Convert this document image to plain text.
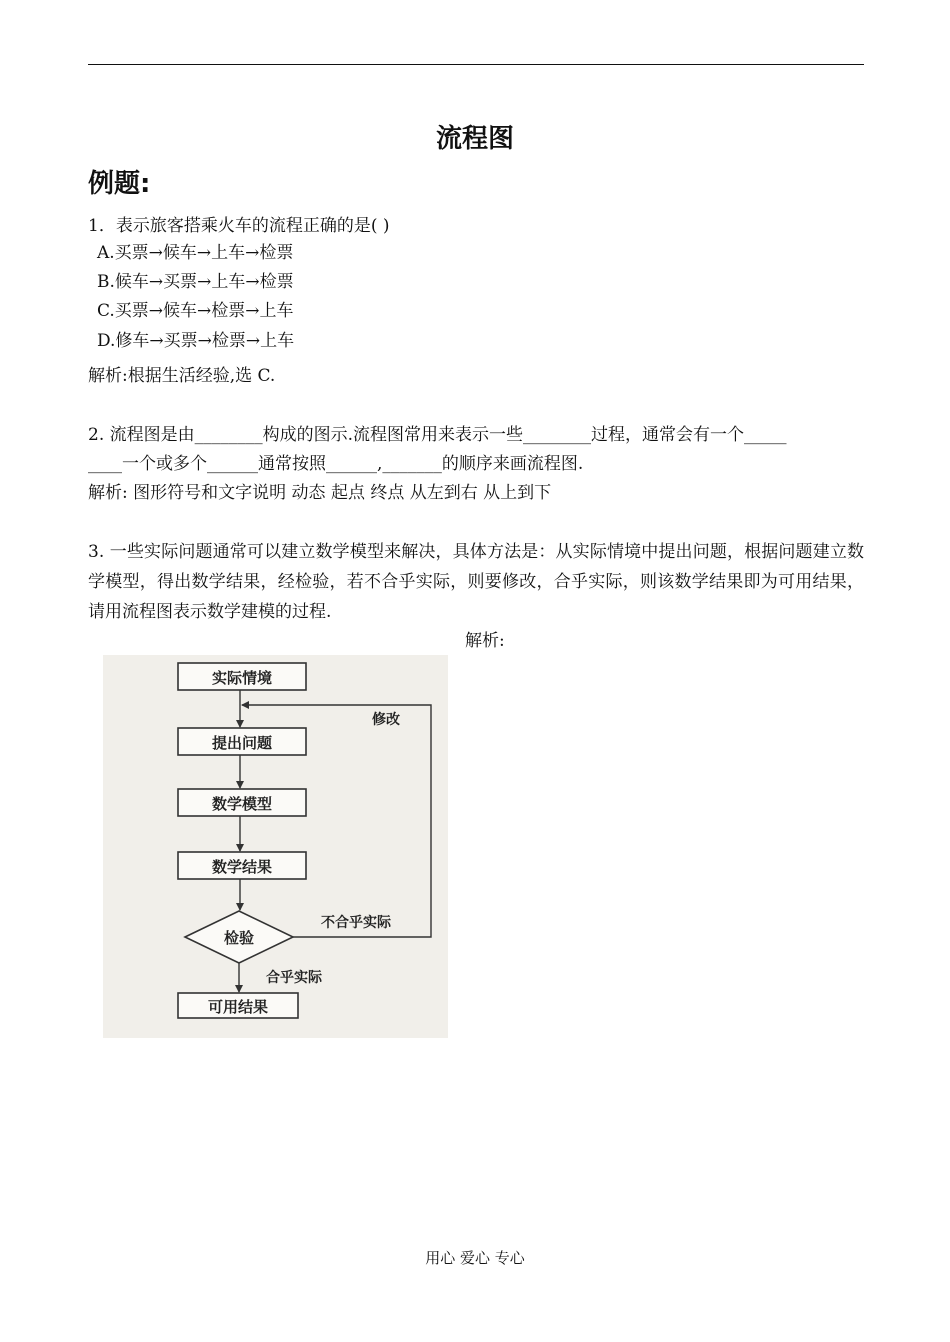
流程图
例题:
1．表示旅客搭乘火车的流程正确的是( )
A.买票→候车→上车→检票
B.候车→买票→上车→检票
C.买票→候车→检票→上车
D.修车→买票→检票→上车
解析:根据生活经验,选 C.
2. 流程图是由________构成的图示.流程图常用来表示一些________过程，通常会有一个_____
____一个或多个______通常按照______,_______的顺序来画流程图.
解析: 图形符号和文字说明 动态 起点 终点 从左到右 从上到下
3. 一些实际问题通常可以建立数学模型来解决，具体方法是：从实际情境中提出问题，根据问题建立数学模型，得出数学结果，经检验，若不合乎实际，则要修改，合乎实际，则该数学结果即为可用结果，请用流程图表示数学建模的过程.
解析:
实际情境
提出问题
数学模型
数学结果
检验
可用结果
修改
不合乎实际
合乎实际
用心 爱心 专心
